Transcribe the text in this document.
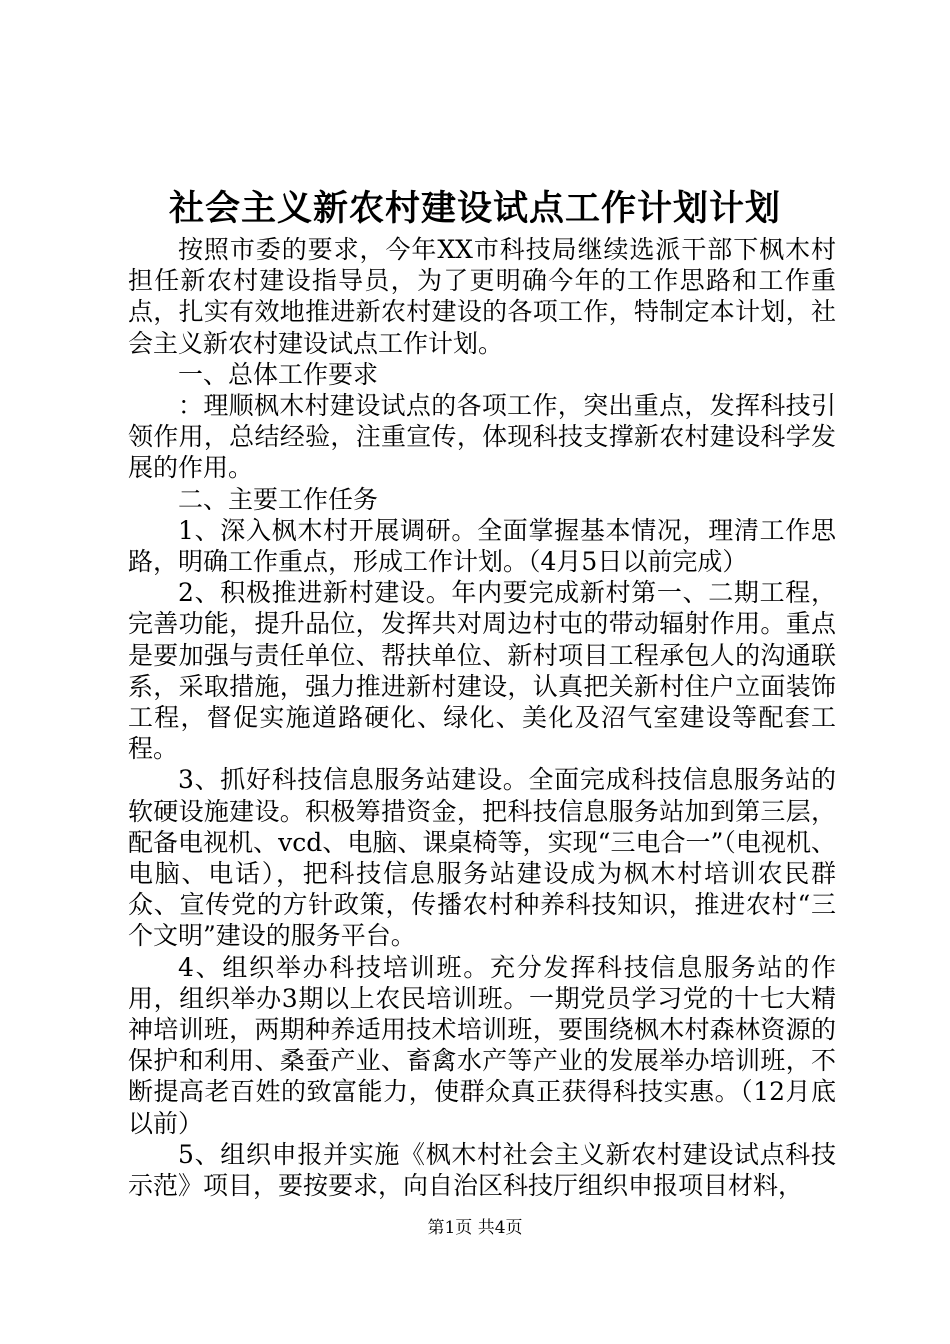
社会主义新农村建设试点工作计划计划

按照市委的要求，今年XX市科技局继续选派干部下枫木村担任新农村建设指导员，为了更明确今年的工作思路和工作重点，扎实有效地推进新农村建设的各项工作，特制定本计划，社会主义新农村建设试点工作计划。

一、总体工作要求

：理顺枫木村建设试点的各项工作，突出重点，发挥科技引领作用，总结经验，注重宣传，体现科技支撑新农村建设科学发展的作用。

二、主要工作任务

1、深入枫木村开展调研。全面掌握基本情况，理清工作思路，明确工作重点，形成工作计划。（4月5日以前完成）

2、积极推进新村建设。年内要完成新村第一、二期工程，完善功能，提升品位，发挥共对周边村屯的带动辐射作用。重点是要加强与责任单位、帮扶单位、新村项目工程承包人的沟通联系，采取措施，强力推进新村建设，认真把关新村住户立面装饰工程，督促实施道路硬化、绿化、美化及沼气室建设等配套工程。

3、抓好科技信息服务站建设。全面完成科技信息服务站的软硬设施建设。积极筹措资金，把科技信息服务站加到第三层，配备电视机、vcd、电脑、课桌椅等，实现“三电合一”（电视机、电脑、电话），把科技信息服务站建设成为枫木村培训农民群众、宣传党的方针政策，传播农村种养科技知识，推进农村“三个文明”建设的服务平台。

4、组织举办科技培训班。充分发挥科技信息服务站的作用，组织举办3期以上农民培训班。一期党员学习党的十七大精神培训班，两期种养适用技术培训班，要围绕枫木村森林资源的保护和利用、桑蚕产业、畜禽水产等产业的发展举办培训班，不断提高老百姓的致富能力，使群众真正获得科技实惠。（12月底以前）

5、组织申报并实施《枫木村社会主义新农村建设试点科技示范》项目，要按要求，向自治区科技厅组织申报项目材料，

第1页 共4页
